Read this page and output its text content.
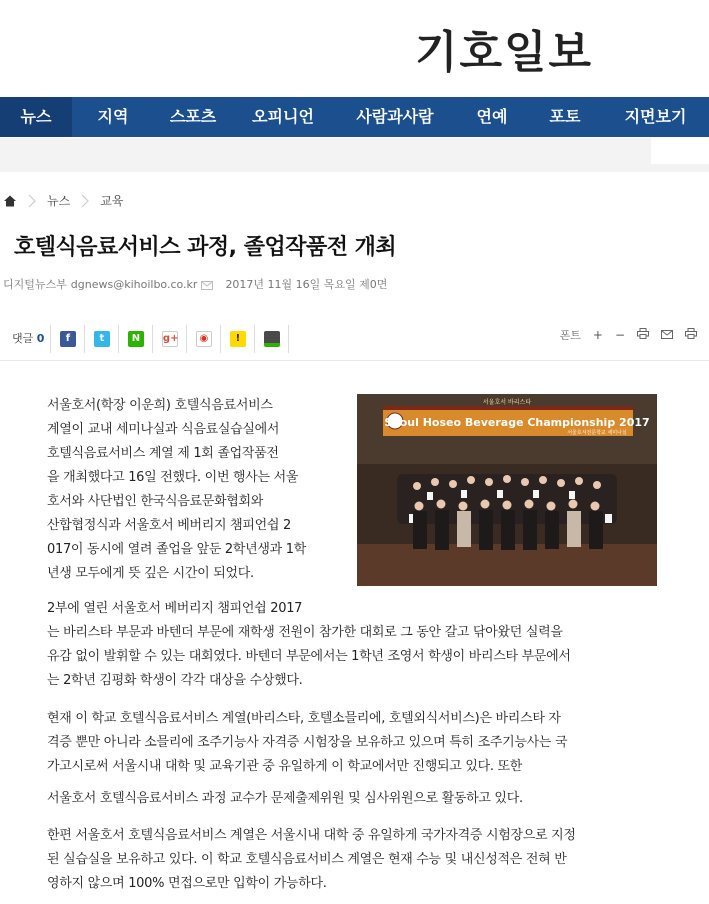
기호일보
뉴스	지역	스포츠	오피니언	사람과사람	연예	포토	지면보기
뉴스	교육
호텔식음료서비스 과정, 졸업작품전 개최
디지털뉴스부 dgnews@kihoilbo.co.kr	2017년 11월 16일 목요일 제0면
댓글 0	f	t	N	g+	◉	!	폰트 + −
서울호서 바리스타
Seoul Hoseo Beverage Championship 2017
서울호서전문학교 세미나실
서울호서(학장 이운희) 호텔식음료서비스
계열이 교내 세미나실과 식음료실습실에서
호텔식음료서비스 계열 제 1회 졸업작품전
을 개최했다고 16일 전했다. 이번 행사는 서울
호서와 사단법인 한국식음료문화협회와
산합협정식과 서울호서 베버리지 챔피언쉽 2
017이 동시에 열려 졸업을 앞둔 2학년생과 1학
년생 모두에게 뜻 깊은 시간이 되었다.
2부에 열린 서울호서 베버리지 챔피언쉽 2017
는 바리스타 부문과 바텐더 부문에 재학생 전원이 참가한 대회로 그 동안 갈고 닦아왔던 실력을
유감 없이 발휘할 수 있는 대회였다. 바텐더 부문에서는 1학년 조영서 학생이 바리스타 부문에서
는 2학년 김평화 학생이 각각 대상을 수상했다.
현재 이 학교 호텔식음료서비스 계열(바리스타, 호텔소믈리에, 호텔외식서비스)은 바리스타 자
격증 뿐만 아니라 소믈리에 조주기능사 자격증 시험장을 보유하고 있으며 특히 조주기능사는 국
가고시로써 서울시내 대학 및 교육기관 중 유일하게 이 학교에서만 진행되고 있다. 또한
서울호서 호텔식음료서비스 과정 교수가 문제출제위원 및 심사위원으로 활동하고 있다.
한편 서울호서 호텔식음료서비스 계열은 서울시내 대학 중 유일하게 국가자격증 시험장으로 지정
된 실습실을 보유하고 있다. 이 학교 호텔식음료서비스 계열은 현재 수능 및 내신성적은 전혀 반
영하지 않으며 100% 면접으로만 입학이 가능하다.
